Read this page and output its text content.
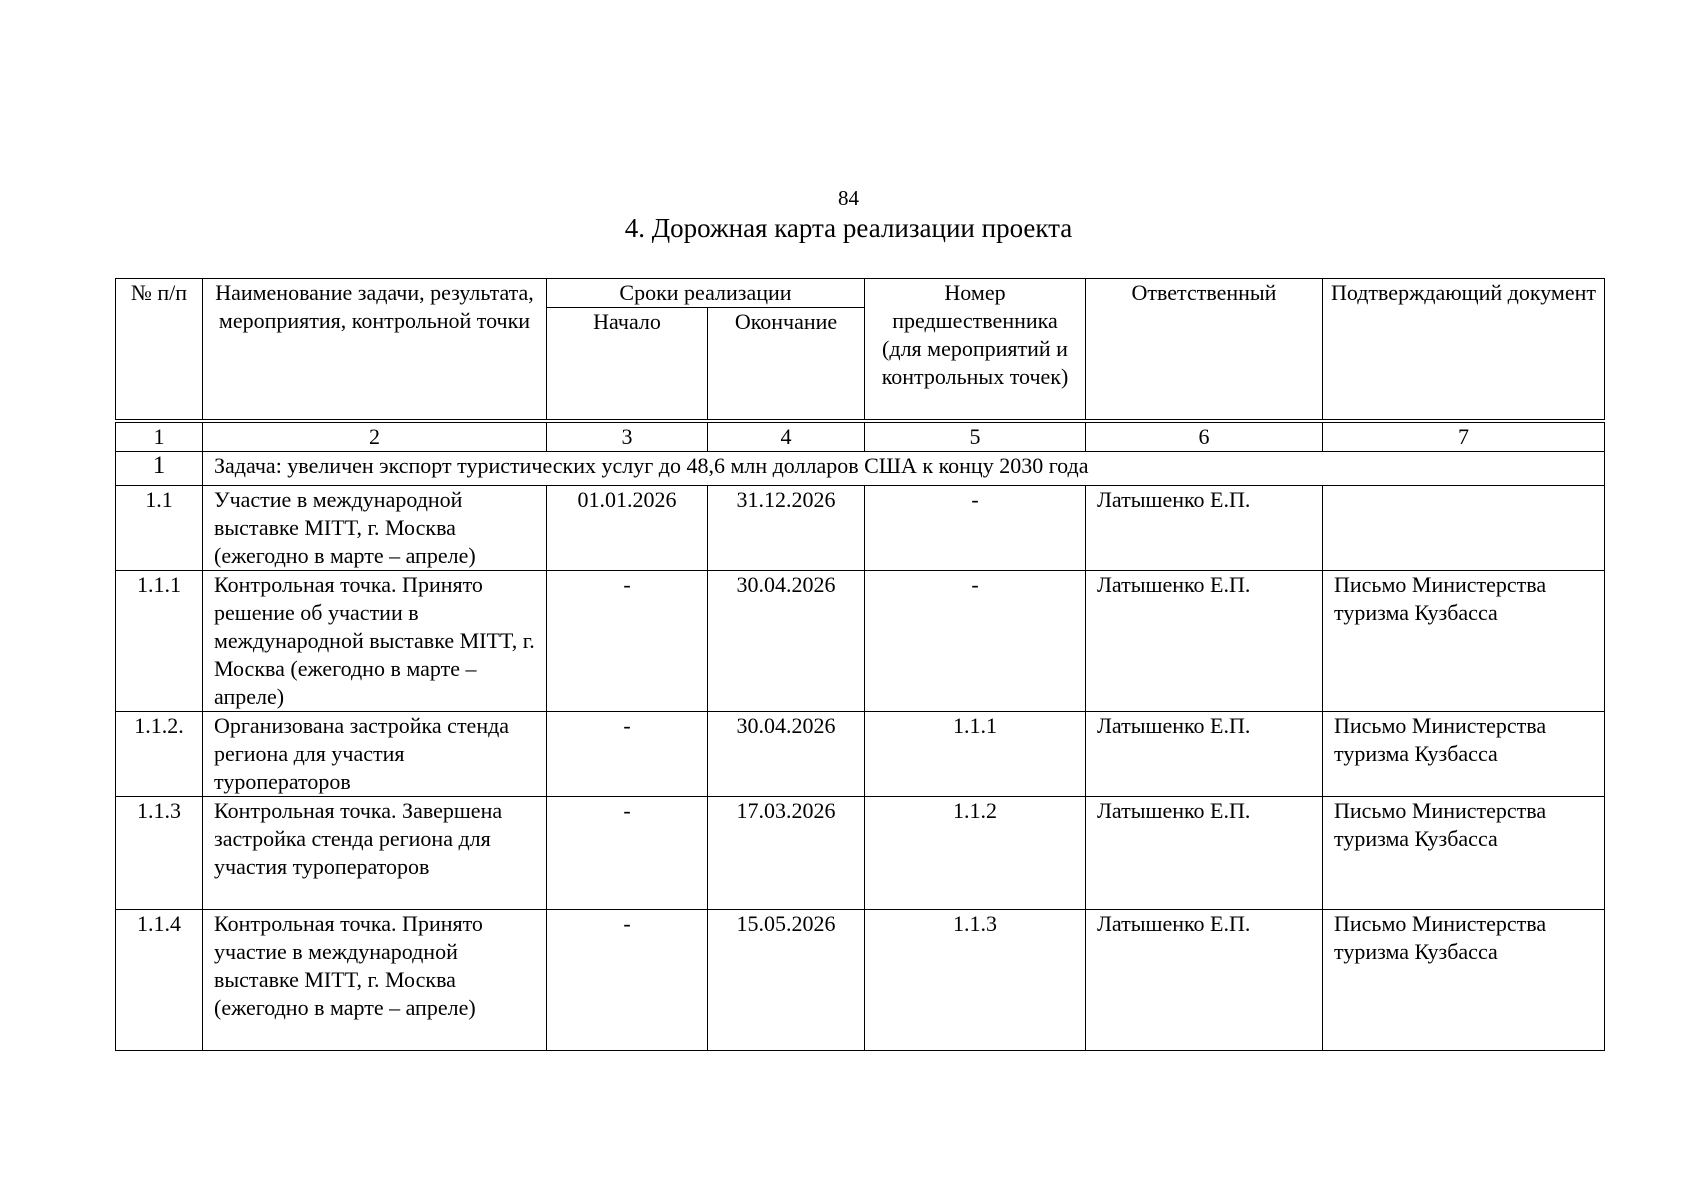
84
4. Дорожная карта реализации проекта
№ п/п	Наименование задачи, результата, мероприятия, контрольной точки	Сроки реализации		Номер предшественника (для мероприятий и контрольных точек)	Ответственный	Подтверждающий документ
		Начало	Окончание			
1	2	3	4	5	6	7
1	Задача: увеличен экспорт туристических услуг до 48,6 млн долларов США к концу 2030 года					
1.1	Участие в международной выставке MITT, г. Москва (ежегодно в марте – апреле)	01.01.2026	31.12.2026	-	Латышенко Е.П.	
1.1.1	Контрольная точка. Принято решение об участии в международной выставке MITT, г. Москва (ежегодно в марте – апреле)	-	30.04.2026	-	Латышенко Е.П.	Письмо Министерства туризма Кузбасса
1.1.2.	Организована застройка стенда региона для участия туроператоров	-	30.04.2026	1.1.1	Латышенко Е.П.	Письмо Министерства туризма Кузбасса
1.1.3	Контрольная точка. Завершена застройка стенда региона для участия туроператоров	-	17.03.2026	1.1.2	Латышенко Е.П.	Письмо Министерства туризма Кузбасса
1.1.4	Контрольная точка. Принято участие в международной выставке MITT, г. Москва (ежегодно в марте – апреле)	-	15.05.2026	1.1.3	Латышенко Е.П.	Письмо Министерства туризма Кузбасса
